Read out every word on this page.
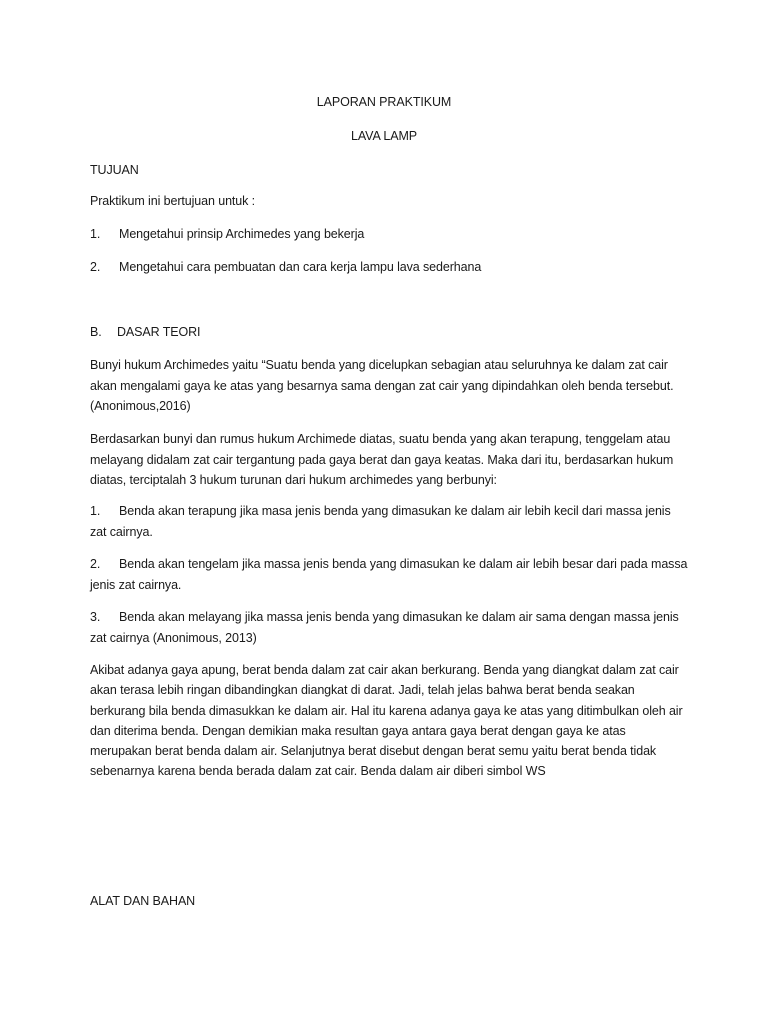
LAPORAN PRAKTIKUM
LAVA LAMP
TUJUAN
Praktikum ini bertujuan untuk :
1. Mengetahui prinsip Archimedes yang bekerja
2. Mengetahui cara pembuatan dan cara kerja lampu lava sederhana
B. DASAR TEORI
Bunyi hukum Archimedes yaitu “Suatu benda yang dicelupkan sebagian atau seluruhnya ke dalam zat cair akan mengalami gaya ke atas yang besarnya sama dengan zat cair yang dipindahkan oleh benda tersebut. (Anonimous,2016)
Berdasarkan bunyi dan rumus hukum Archimede diatas, suatu benda yang akan terapung, tenggelam atau melayang didalam zat cair tergantung pada gaya berat dan gaya keatas. Maka dari itu, berdasarkan hukum diatas, terciptalah 3 hukum turunan dari hukum archimedes yang berbunyi:
1. Benda akan terapung jika masa jenis benda yang dimasukan ke dalam air lebih kecil dari massa jenis zat cairnya.
2. Benda akan tengelam jika massa jenis benda yang dimasukan ke dalam air lebih besar dari pada massa jenis zat cairnya.
3. Benda akan melayang jika massa jenis benda yang dimasukan ke dalam air sama dengan massa jenis zat cairnya (Anonimous, 2013)
Akibat adanya gaya apung, berat benda dalam zat cair akan berkurang. Benda yang diangkat dalam zat cair akan terasa lebih ringan dibandingkan diangkat di darat. Jadi, telah jelas bahwa berat benda seakan berkurang bila benda dimasukkan ke dalam air. Hal itu karena adanya gaya ke atas yang ditimbulkan oleh air dan diterima benda. Dengan demikian maka resultan gaya antara gaya berat dengan gaya ke atas merupakan berat benda dalam air. Selanjutnya berat disebut dengan berat semu yaitu berat benda tidak sebenarnya karena benda berada dalam zat cair. Benda dalam air diberi simbol WS
ALAT DAN BAHAN
